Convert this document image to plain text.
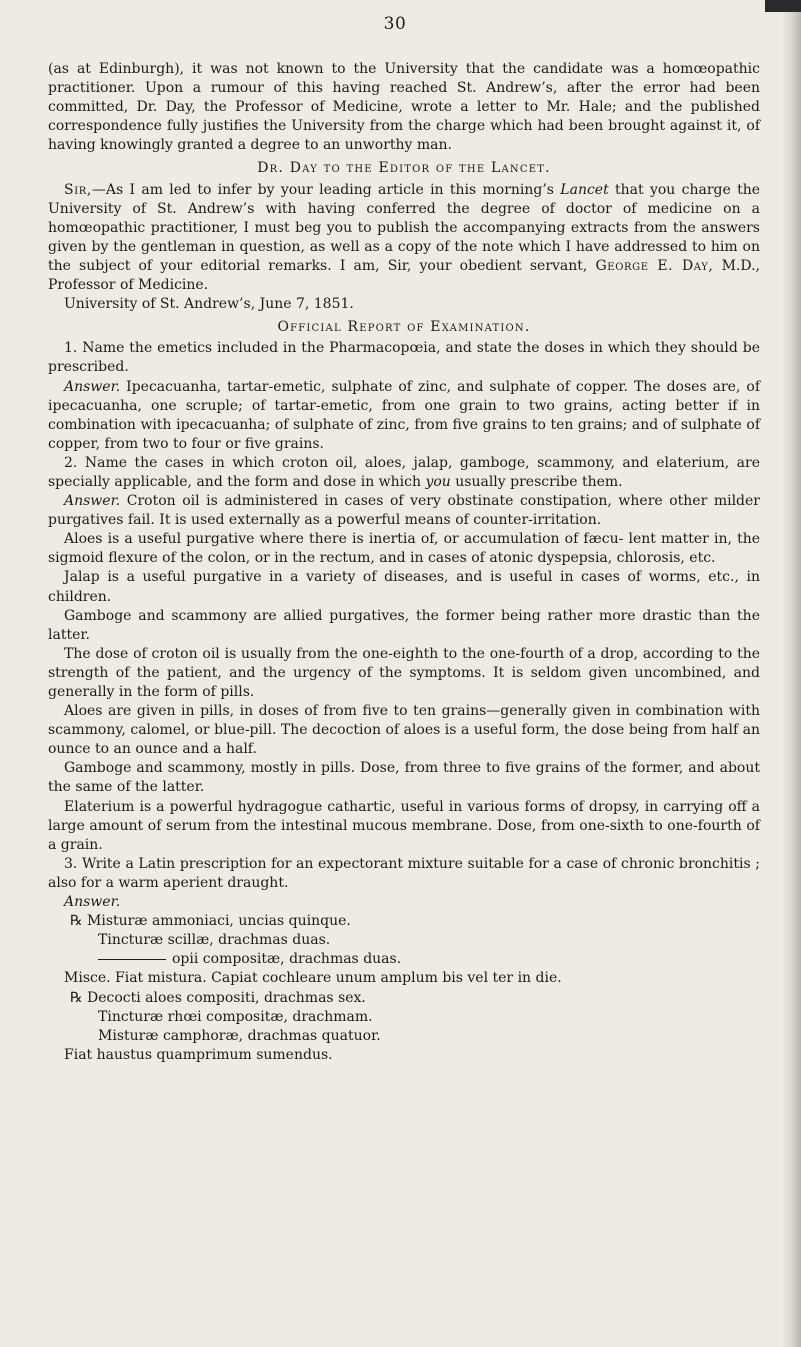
30

(as at Edinburgh), it was not known to the University that the candidate was a homœopathic practitioner. Upon a rumour of this having reached St. Andrew’s, after the error had been committed, Dr. Day, the Professor of Medicine, wrote a letter to Mr. Hale; and the published correspondence fully justifies the University from the charge which had been brought against it, of having knowingly granted a degree to an unworthy man.

Dr. Day to the Editor of the Lancet.

Sir,—As I am led to infer by your leading article in this morning’s Lancet that you charge the University of St. Andrew’s with having conferred the degree of doctor of medicine on a homœopathic practitioner, I must beg you to publish the accompanying extracts from the answers given by the gentleman in question, as well as a copy of the note which I have addressed to him on the subject of your editorial remarks. I am, Sir, your obedient servant, George E. Day, M.D., Professor of Medicine.

University of St. Andrew’s, June 7, 1851.

Official Report of Examination.

1. Name the emetics included in the Pharmacopœia, and state the doses in which they should be prescribed.

Answer. Ipecacuanha, tartar-emetic, sulphate of zinc, and sulphate of copper. The doses are, of ipecacuanha, one scruple; of tartar-emetic, from one grain to two grains, acting better if in combination with ipecacuanha; of sulphate of zinc, from five grains to ten grains; and of sulphate of copper, from two to four or five grains.

2. Name the cases in which croton oil, aloes, jalap, gamboge, scammony, and elaterium, are specially applicable, and the form and dose in which you usually prescribe them.

Answer. Croton oil is administered in cases of very obstinate constipation, where other milder purgatives fail. It is used externally as a powerful means of counter-irritation.

Aloes is a useful purgative where there is inertia of, or accumulation of fæcu- lent matter in, the sigmoid flexure of the colon, or in the rectum, and in cases of atonic dyspepsia, chlorosis, etc.

Jalap is a useful purgative in a variety of diseases, and is useful in cases of worms, etc., in children.

Gamboge and scammony are allied purgatives, the former being rather more drastic than the latter.

The dose of croton oil is usually from the one-eighth to the one-fourth of a drop, according to the strength of the patient, and the urgency of the symptoms. It is seldom given uncombined, and generally in the form of pills.

Aloes are given in pills, in doses of from five to ten grains—generally given in combination with scammony, calomel, or blue-pill. The decoction of aloes is a useful form, the dose being from half an ounce to an ounce and a half.

Gamboge and scammony, mostly in pills. Dose, from three to five grains of the former, and about the same of the latter.

Elaterium is a powerful hydragogue cathartic, useful in various forms of dropsy, in carrying off a large amount of serum from the intestinal mucous membrane. Dose, from one-sixth to one-fourth of a grain.

3. Write a Latin prescription for an expectorant mixture suitable for a case of chronic bronchitis ; also for a warm aperient draught.

Answer.

℞ Misturæ ammoniaci, uncias quinque.

Tincturæ scillæ, drachmas duas.

opii compositæ, drachmas duas.

Misce. Fiat mistura. Capiat cochleare unum amplum bis vel ter in die.

℞ Decocti aloes compositi, drachmas sex.

Tincturæ rhœi compositæ, drachmam.

Misturæ camphoræ, drachmas quatuor.

Fiat haustus quamprimum sumendus.
